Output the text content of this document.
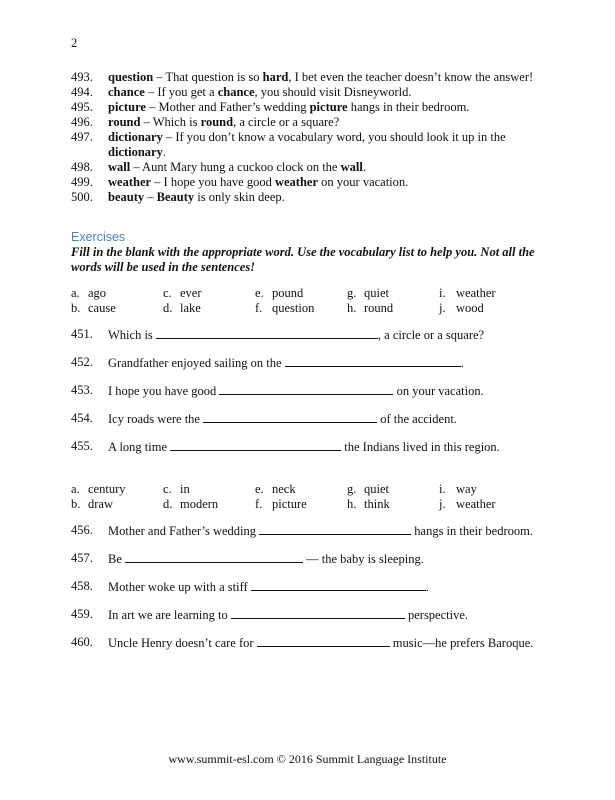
2
493.	question – That question is so hard, I bet even the teacher doesn’t know the answer!
494.	chance – If you get a chance, you should visit Disneyworld.
495.	picture – Mother and Father’s wedding picture hangs in their bedroom.
496.	round – Which is round, a circle or a square?
497.	dictionary – If you don’t know a vocabulary word, you should look it up in the dictionary.
498.	wall – Aunt Mary hung a cuckoo clock on the wall.
499.	weather – I hope you have good weather on your vacation.
500.	beauty – Beauty is only skin deep.
Exercises
Fill in the blank with the appropriate word. Use the vocabulary list to help you. Not all the words will be used in the sentences!
a. ago	c. ever	e. pound	g. quiet	i. weather
b. cause	d. lake	f. question	h. round	j. wood
451.	Which is	, a circle or a square?
452.	Grandfather enjoyed sailing on the	.
453.	I hope you have good	on your vacation.
454.	Icy roads were the	of the accident.
455.	A long time	the Indians lived in this region.
a. century	c. in	e. neck	g. quiet	i. way
b. draw	d. modern	f. picture	h. think	j. weather
456.	Mother and Father’s wedding	hangs in their bedroom.
457.	Be	— the baby is sleeping.
458.	Mother woke up with a stiff	.
459.	In art we are learning to	perspective.
460.	Uncle Henry doesn’t care for	music—he prefers Baroque.
www.summit-esl.com © 2016 Summit Language Institute
